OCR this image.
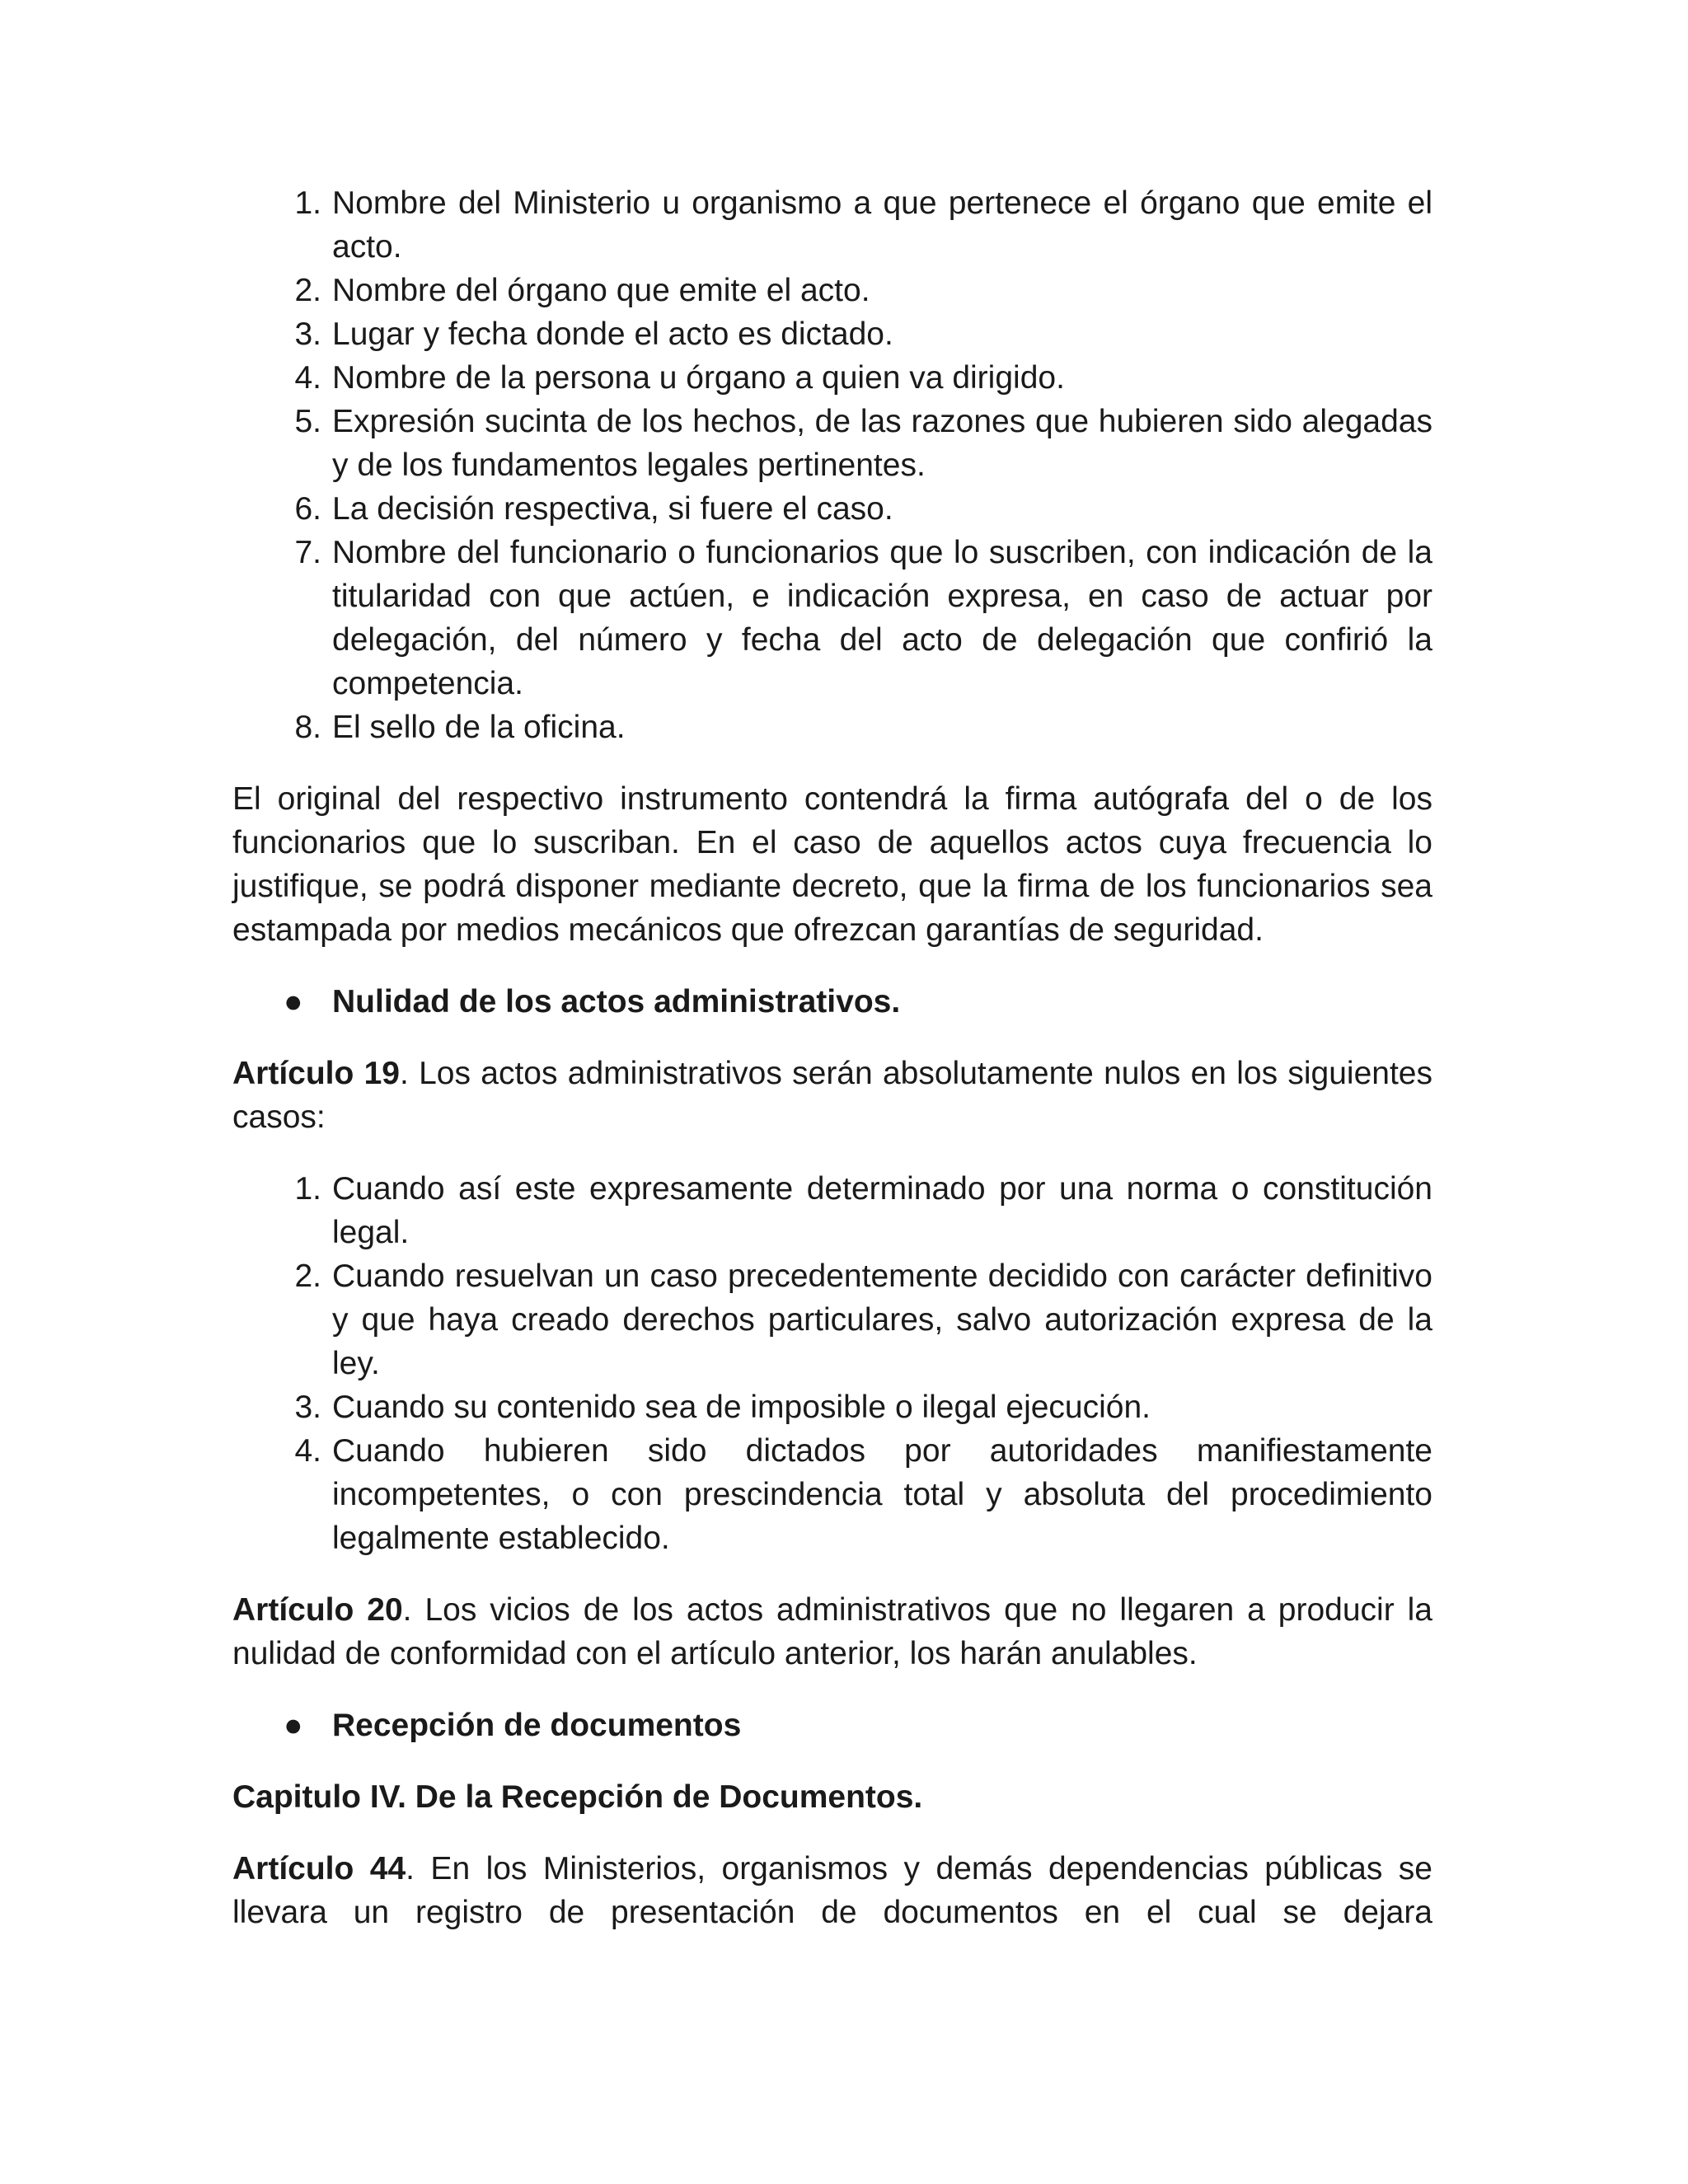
1. Nombre del Ministerio u organismo a que pertenece el órgano que emite el acto.
2. Nombre del órgano que emite el acto.
3. Lugar y fecha donde el acto es dictado.
4. Nombre de la persona u órgano a quien va dirigido.
5. Expresión sucinta de los hechos, de las razones que hubieren sido alegadas y de los fundamentos legales pertinentes.
6. La decisión respectiva, si fuere el caso.
7. Nombre del funcionario o funcionarios que lo suscriben, con indicación de la titularidad con que actúen, e indicación expresa, en caso de actuar por delegación, del número y fecha del acto de delegación que confirió la competencia.
8. El sello de la oficina.

El original del respectivo instrumento contendrá la firma autógrafa del o de los funcionarios que lo suscriban. En el caso de aquellos actos cuya frecuencia lo justifique, se podrá disponer mediante decreto, que la firma de los funcionarios sea estampada por medios mecánicos que ofrezcan garantías de seguridad.

● Nulidad de los actos administrativos.

Artículo 19. Los actos administrativos serán absolutamente nulos en los siguientes casos:

1. Cuando así este expresamente determinado por una norma o constitución legal.
2. Cuando resuelvan un caso precedentemente decidido con carácter definitivo y que haya creado derechos particulares, salvo autorización expresa de la ley.
3. Cuando su contenido sea de imposible o ilegal ejecución.
4. Cuando hubieren sido dictados por autoridades manifiestamente incompetentes, o con prescindencia total y absoluta del procedimiento legalmente establecido.

Artículo 20. Los vicios de los actos administrativos que no llegaren a producir la nulidad de conformidad con el artículo anterior, los harán anulables.

● Recepción de documentos

Capitulo IV. De la Recepción de Documentos.

Artículo 44. En los Ministerios, organismos y demás dependencias públicas se llevara un registro de presentación de documentos en el cual se dejara
